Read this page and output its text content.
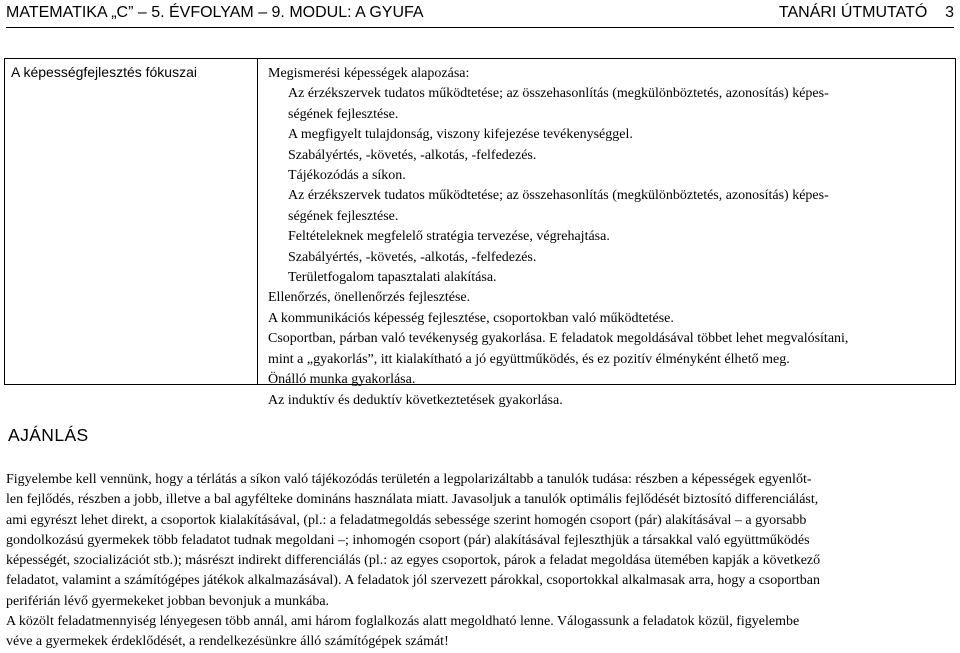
MATEMATIKA „C” – 5. ÉVFOLYAM – 9. MODUL: A GYUFA	TANÁRI ÚTMUTATÓ    3
A képességfejlesztés fókuszai	Megismerési képességek alapozása:

Az érzékszervek tudatos működtetése; az összehasonlítás (megkülönböztetés, azonosítás) képes-

ségének fejlesztése.

A megfigyelt tulajdonság, viszony kifejezése tevékenységgel.

Szabályértés, -követés, -alkotás, -felfedezés.

Tájékozódás a síkon.

Az érzékszervek tudatos működtetése; az összehasonlítás (megkülönböztetés, azonosítás) képes-

ségének fejlesztése.

Feltételeknek megfelelő stratégia tervezése, végrehajtása.

Szabályértés, -követés, -alkotás, -felfedezés.

Területfogalom tapasztalati alakítása.

Ellenőrzés, önellenőrzés fejlesztése.

A kommunikációs képesség fejlesztése, csoportokban való működtetése.

Csoportban, párban való tevékenység gyakorlása. E feladatok megoldásával többet lehet megvalósítani,

mint a „gyakorlás”, itt kialakítható a jó együttműködés, és ez pozitív élményként élhető meg.

Önálló munka gyakorlása.

Az induktív és deduktív következtetések gyakorlása.

AJÁNLÁS

Figyelembe kell vennünk, hogy a térlátás a síkon való tájékozódás területén a legpolarizáltabb a tanulók tudása: részben a képességek egyenlőt-

len fejlődés, részben a jobb, illetve a bal agyféltekе domináns használata miatt. Javasoljuk a tanulók optimális fejlődését biztosító differenciálást,

ami egyrészt lehet direkt, a csoportok kialakításával, (pl.: a feladatmegoldás sebessége szerint homogén csoport (pár) alakításával – a gyorsabb

gondolkozású gyermekek több feladatot tudnak megoldani –; inhomogén csoport (pár) alakításával fejleszthjük a társakkal való együttműködés

képességét, szocializációt stb.); másrészt indirekt differenciálás (pl.: az egyes csoportok, párok a feladat megoldása ütemében kapják a következő

feladatot, valamint a számítógépes játékok alkalmazásával). A feladatok jól szervezett párokkal, csoportokkal alkalmasak arra, hogy a csoportban

periférián lévő gyermekeket jobban bevonjuk a munkába.

A közölt feladatmennyiség lényegesen több annál, ami három foglalkozás alatt megoldható lenne. Válogassunk a feladatok közül, figyelembe

véve a gyermekek érdeklődését, a rendelkezésünkre álló számítógépek számát!
